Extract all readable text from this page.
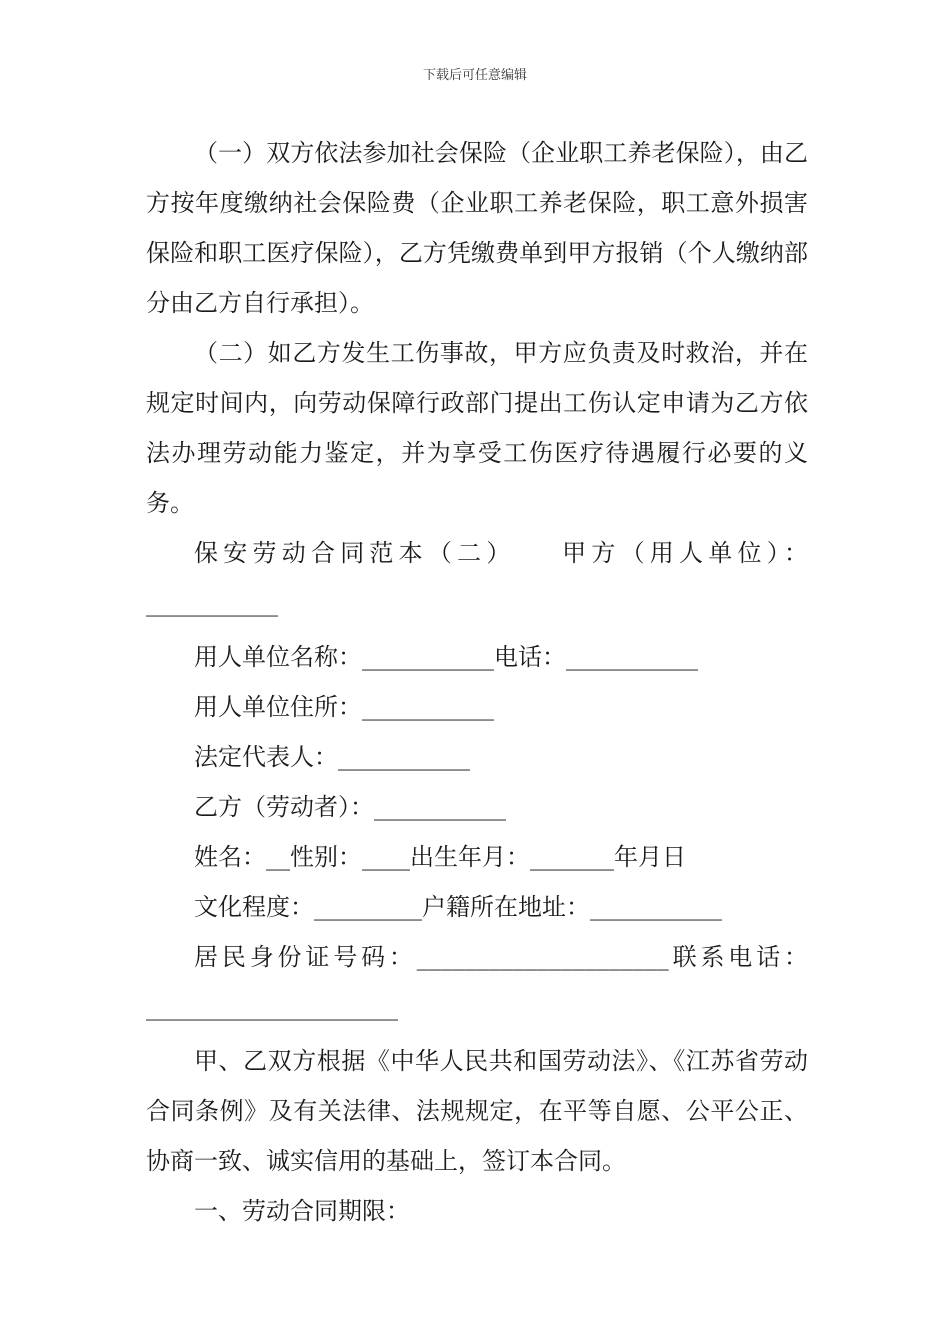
下载后可任意编辑

（一）双方依法参加社会保险（企业职工养老保险），由乙方按年度缴纳社会保险费（企业职工养老保险，职工意外损害保险和职工医疗保险），乙方凭缴费单到甲方报销（个人缴纳部分由乙方自行承担）。

（二）如乙方发生工伤事故，甲方应负责及时救治，并在规定时间内，向劳动保障行政部门提出工伤认定申请为乙方依法办理劳动能力鉴定，并为享受工伤医疗待遇履行必要的义务。

保安劳动合同范本（二）　　甲方（用人单位）：___________

用人单位名称：___________电话：___________

用人单位住所：___________

法定代表人：___________

乙方（劳动者）：___________

姓名：__性别：____出生年月：_______年月日

文化程度：_________户籍所在地址：___________

居民身份证号码：_____________________联系电话：_____________________

甲、乙双方根据《中华人民共和国劳动法》、《江苏省劳动合同条例》及有关法律、法规规定，在平等自愿、公平公正、协商一致、诚实信用的基础上，签订本合同。

一、劳动合同期限：
